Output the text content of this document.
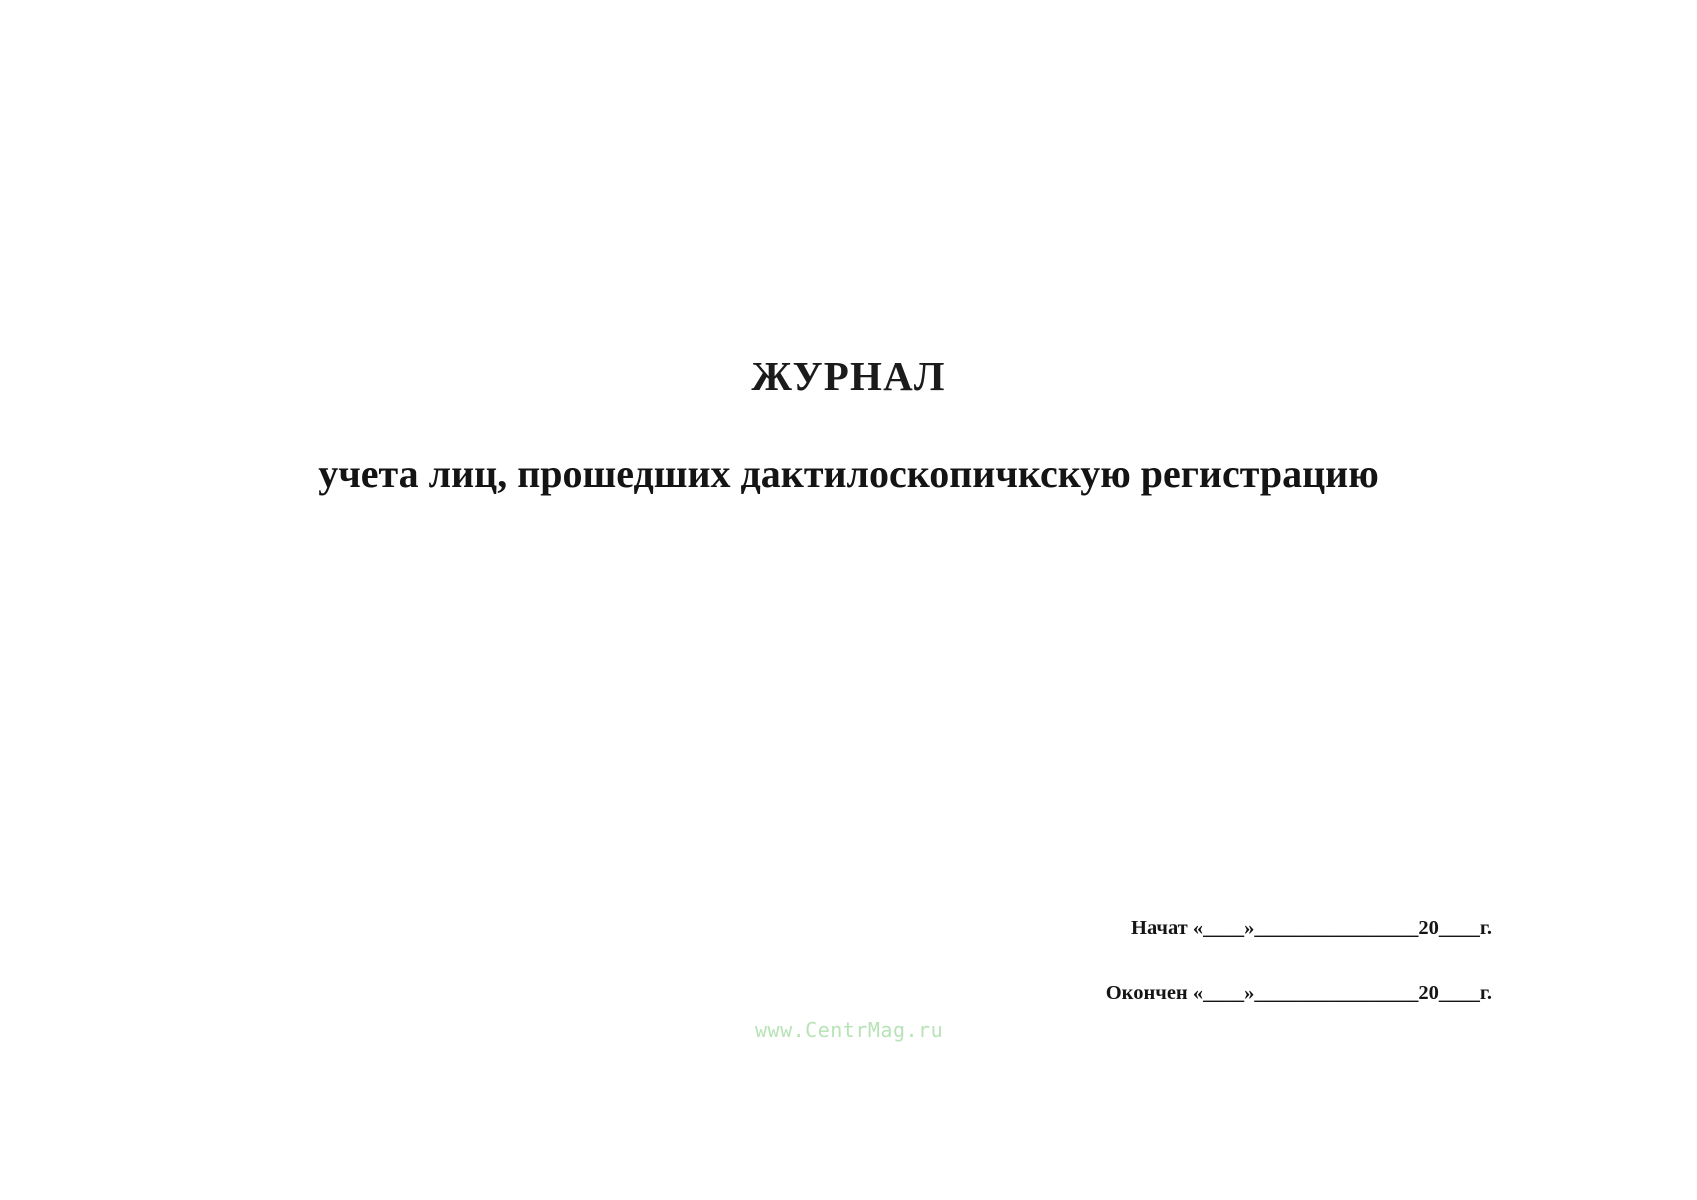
ЖУРНАЛ
учета лиц, прошедших дактилоскопичкскую регистрацию

Начат «____»________________20____г.

Окончен «____»________________20____г.

www.CentrMag.ru
